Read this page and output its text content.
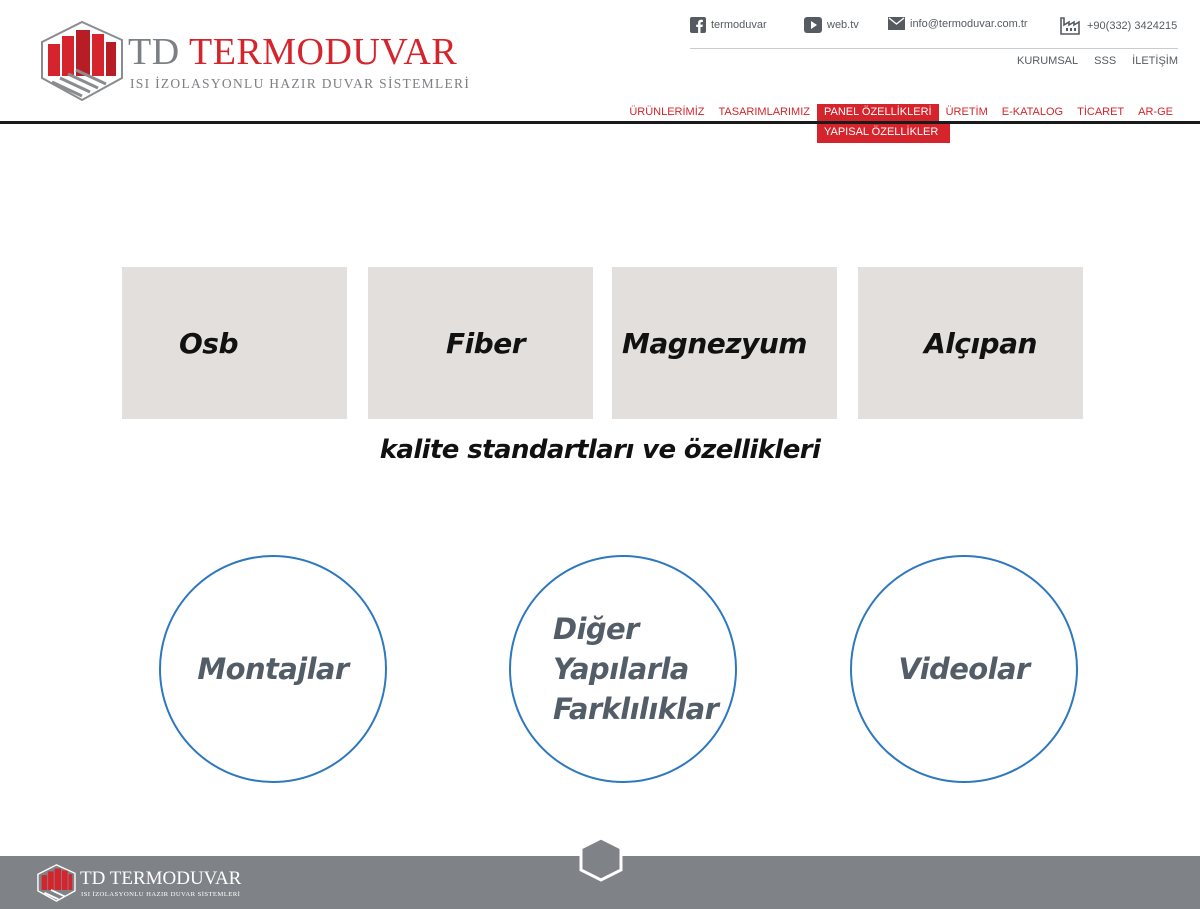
TD TERMODUVAR
ISI İZOLASYONLU HAZIR DUVAR SİSTEMLERİ
termoduvar	web.tv	info@termoduvar.com.tr	+90(332) 3424215
KURUMSAL SSS İLETİŞİM
ÜRÜNLERİMİZ	TASARIMLARIMIZ	PANEL ÖZELLİKLERİ
YAPISAL ÖZELLİKLER
ÜRETİM	E-KATALOG	TİCARET	AR-GE
Osb	Fiber	Magnezyum	Alçıpan
kalite standartları ve özellikleri
Montajlar
Diğer
Yapılarla
Farklılıklar
Videolar
TD TERMODUVAR
ISI İZOLASYONLU HAZIR DUVAR SİSTEMLERİ
